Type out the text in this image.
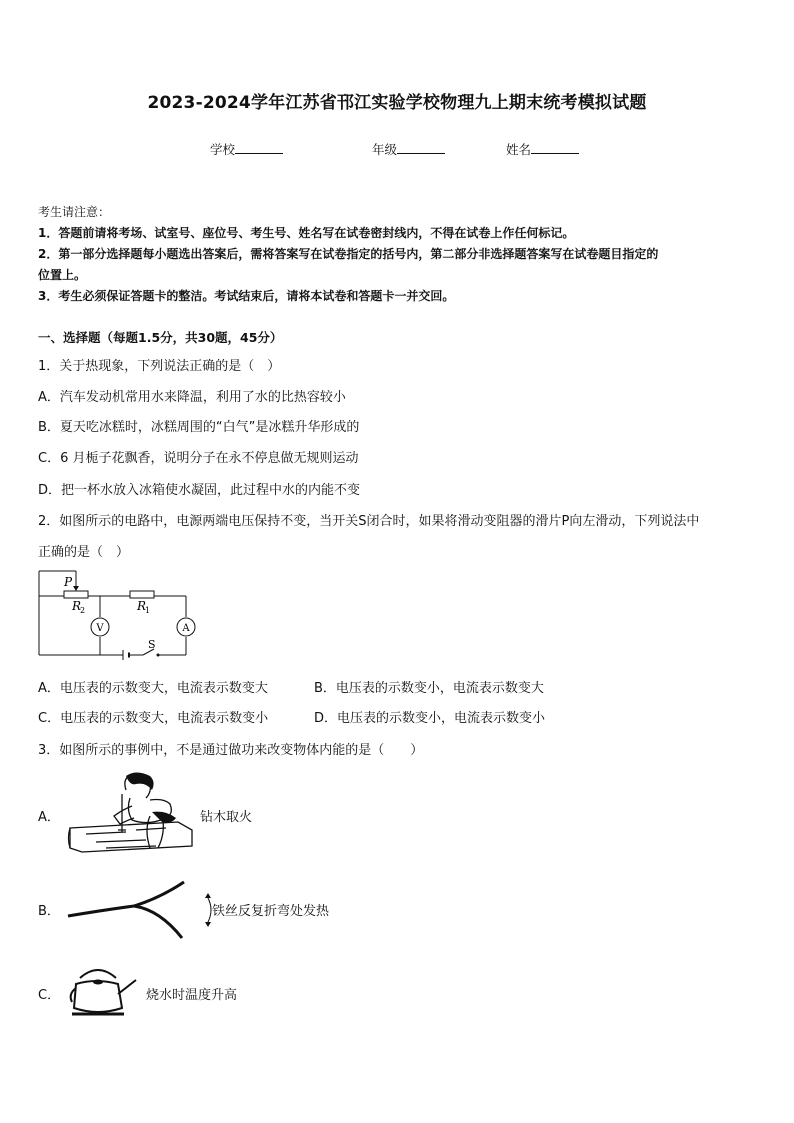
2023-2024学年江苏省邗江实验学校物理九上期末统考模拟试题
学校	年级	姓名
考生请注意：
1．答题前请将考场、试室号、座位号、考生号、姓名写在试卷密封线内，不得在试卷上作任何标记。
2．第一部分选择题每小题选出答案后，需将答案写在试卷指定的括号内，第二部分非选择题答案写在试卷题目指定的
位置上。
3．考生必须保证答题卡的整洁。考试结束后，请将本试卷和答题卡一并交回。
一、选择题（每题1.5分，共30题，45分）
1．关于热现象，下列说法正确的是（　）
A．汽车发动机常用水来降温，利用了水的比热容较小
B．夏天吃冰糕时，冰糕周围的“白气”是冰糕升华形成的
C．6 月栀子花飘香，说明分子在永不停息做无规则运动
D．把一杯水放入冰箱使水凝固，此过程中水的内能不变
2．如图所示的电路中，电源两端电压保持不变，当开关S闭合时，如果将滑动变阻器的滑片P向左滑动，下列说法中
正确的是（　）
P
R
2	R
1
V	A
S
A．电压表的示数变大，电流表示数变大	B．电压表的示数变小，电流表示数变大
C．电压表的示数变大，电流表示数变小	D．电压表的示数变小，电流表示数变小
3．如图所示的事例中，不是通过做功来改变物体内能的是（　　）
A．	钻木取火
B．	铁丝反复折弯处发热
C．	烧水时温度升高
